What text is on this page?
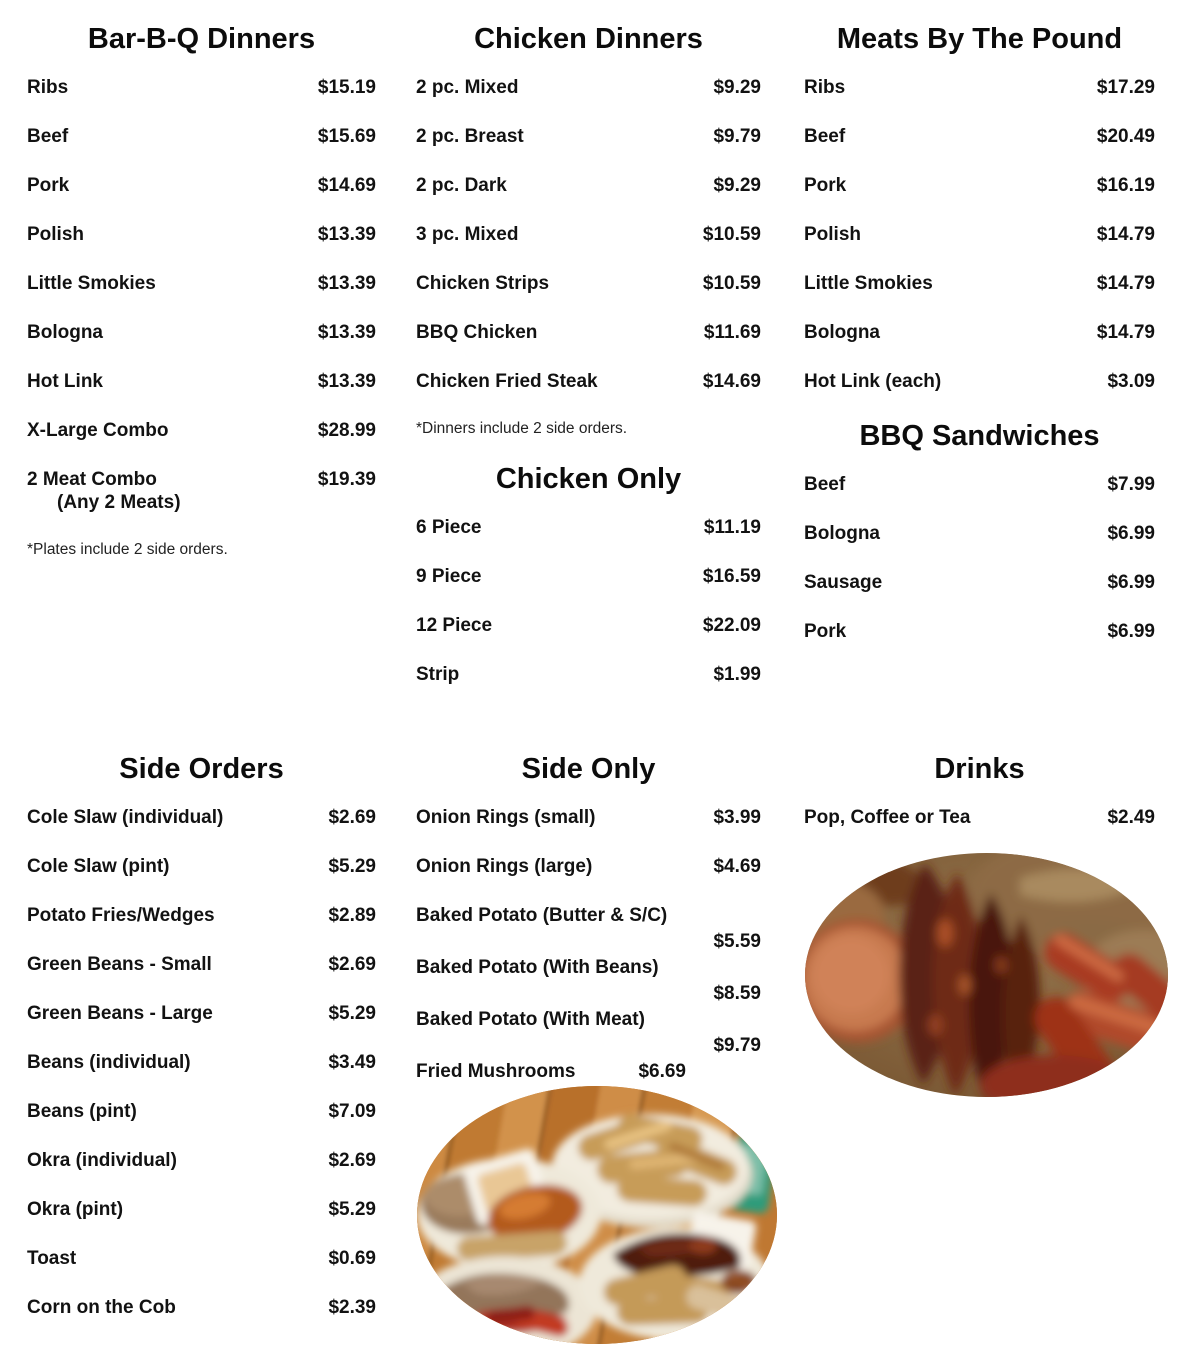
Bar-B-Q Dinners
Ribs	$15.19
Beef	$15.69
Pork	$14.69
Polish	$13.39
Little Smokies	$13.39
Bologna	$13.39
Hot Link	$13.39
X-Large Combo	$28.99
2 Meat Combo
(Any 2 Meats)
$19.39

*Plates include 2 side orders.

Chicken Dinners
2 pc. Mixed	$9.29
2 pc. Breast	$9.79
2 pc. Dark	$9.29
3 pc. Mixed	$10.59
Chicken Strips	$10.59
BBQ Chicken	$11.69
Chicken Fried Steak	$14.69

*Dinners include 2 side orders.

Chicken Only
6 Piece	$11.19
9 Piece	$16.59
12 Piece	$22.09
Strip	$1.99
Meats By The Pound
Ribs	$17.29
Beef	$20.49
Pork	$16.19
Polish	$14.79
Little Smokies	$14.79
Bologna	$14.79
Hot Link (each)	$3.09
BBQ Sandwiches
Beef	$7.99
Bologna	$6.99
Sausage	$6.99
Pork	$6.99
Side Orders
Cole Slaw (individual)	$2.69
Cole Slaw (pint)	$5.29
Potato Fries/Wedges	$2.89
Green Beans - Small	$2.69
Green Beans - Large	$5.29
Beans (individual)	$3.49
Beans (pint)	$7.09
Okra (individual)	$2.69
Okra (pint)	$5.29
Toast	$0.69
Corn on the Cob	$2.39
Side Only
Onion Rings (small)	$3.99
Onion Rings (large)	$4.69
Baked Potato (Butter & S/C)
$5.59
Baked Potato (With Beans)
$8.59
Baked Potato (With Meat)
$9.79
Fried Mushrooms	$6.69
Drinks
Pop, Coffee or Tea	$2.49
